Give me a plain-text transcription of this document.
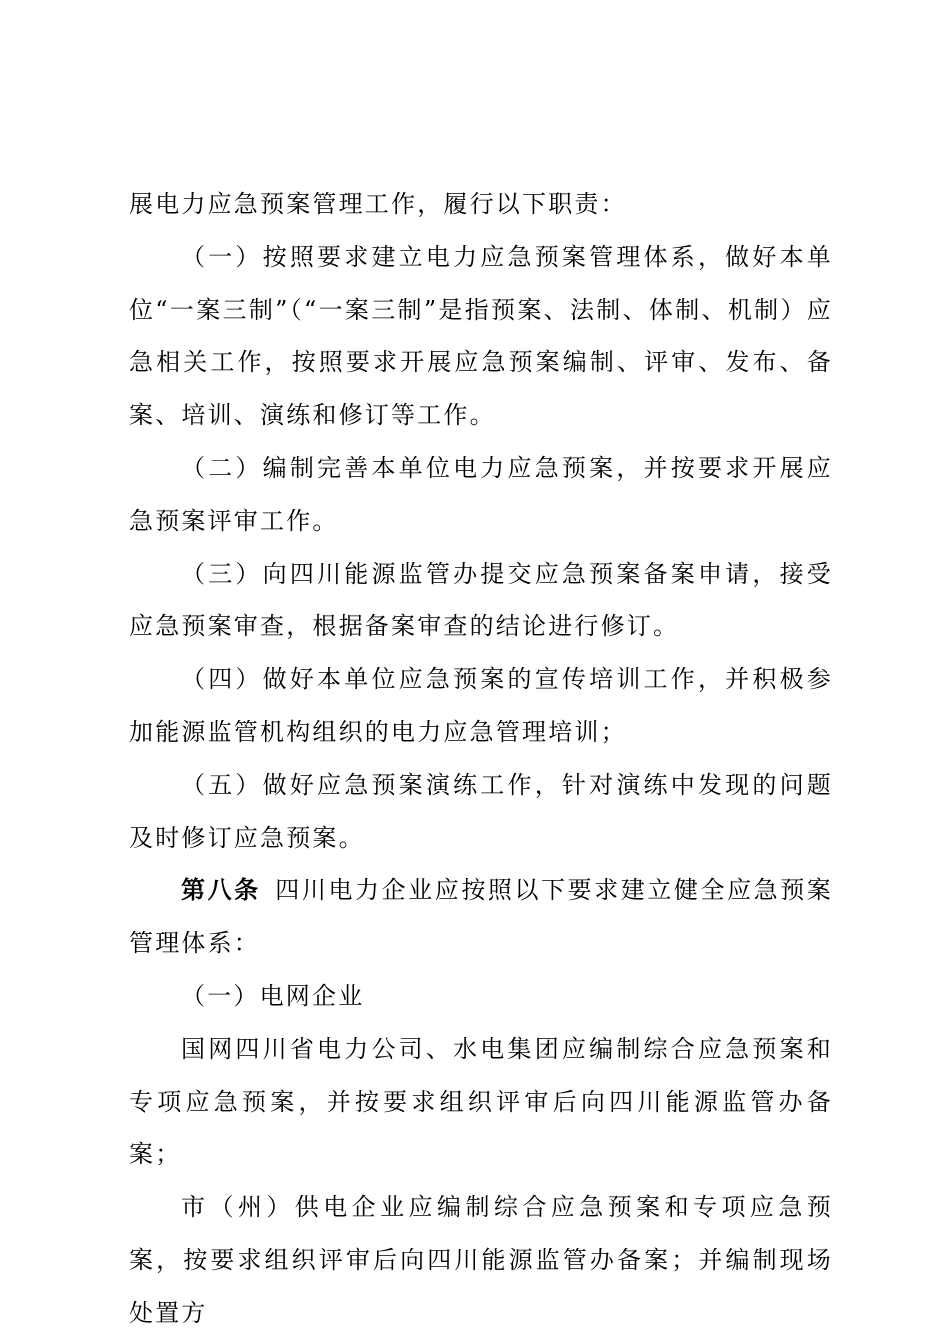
展电力应急预案管理工作，履行以下职责：

（一）按照要求建立电力应急预案管理体系，做好本单位“一案三制”（“一案三制”是指预案、法制、体制、机制）应急相关工作，按照要求开展应急预案编制、评审、发布、备案、培训、演练和修订等工作。

（二）编制完善本单位电力应急预案，并按要求开展应急预案评审工作。

（三）向四川能源监管办提交应急预案备案申请，接受应急预案审查，根据备案审查的结论进行修订。

（四）做好本单位应急预案的宣传培训工作，并积极参加能源监管机构组织的电力应急管理培训；

（五）做好应急预案演练工作，针对演练中发现的问题及时修订应急预案。

第八条  四川电力企业应按照以下要求建立健全应急预案管理体系：

（一）电网企业

国网四川省电力公司、水电集团应编制综合应急预案和专项应急预案，并按要求组织评审后向四川能源监管办备案；

市（州）供电企业应编制综合应急预案和专项应急预案，按要求组织评审后向四川能源监管办备案；并编制现场处置方
